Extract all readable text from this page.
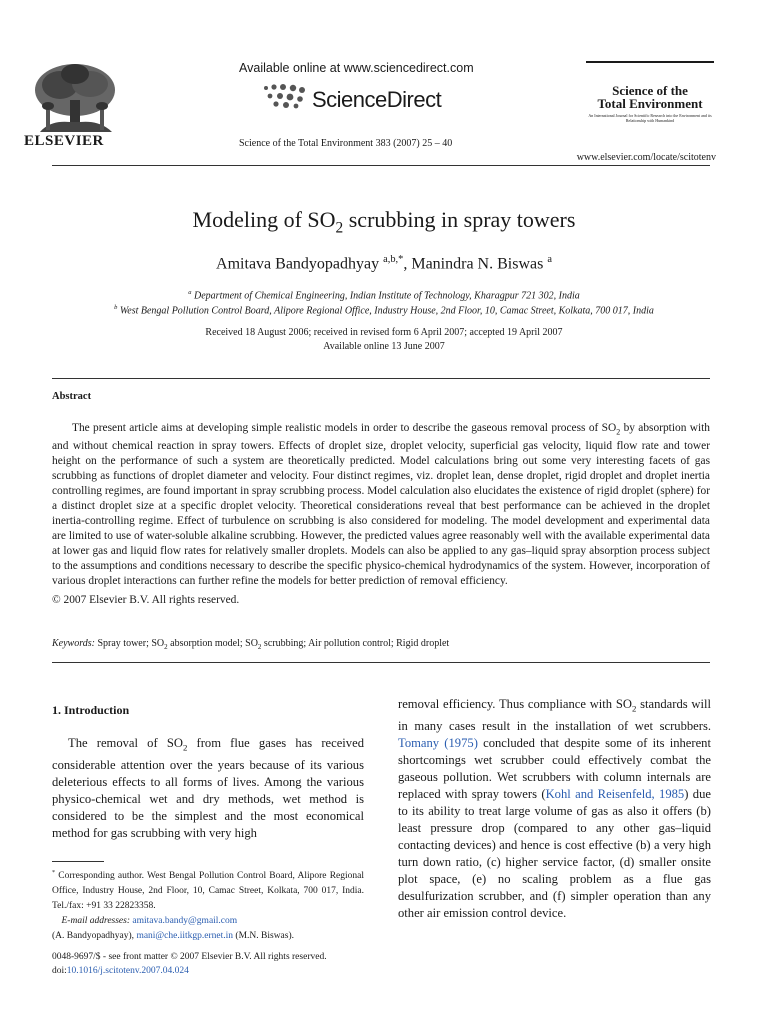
ELSEVIER
Available online at www.sciencedirect.com
ScienceDirect
Science of the Total Environment 383 (2007) 25 – 40
Science of the
Total Environment
An International Journal for Scientific Research into the Environment and its Relationship with Humankind
www.elsevier.com/locate/scitotenv
Modeling of $SO_2$ scrubbing in spray towers
Amitava Bandyopadhyay $^{a,b,*}$, Manindra N. Biswas $^a$
$^a$ Department of Chemical Engineering, Indian Institute of Technology, Kharagpur 721 302, India
$^b$ West Bengal Pollution Control Board, Alipore Regional Office, Industry House, 2nd Floor, 10, Camac Street, Kolkata, 700 017, India
Received 18 August 2006; received in revised form 6 April 2007; accepted 19 April 2007
Available online 13 June 2007
Abstract
The present article aims at developing simple realistic models in order to describe the gaseous removal process of $SO_2$ by absorption with and without chemical reaction in spray towers. Effects of droplet size, droplet velocity, superficial gas velocity, liquid flow rate and tower height on the performance of such a system are theoretically predicted. Model calculations bring out some very interesting facets of gas scrubbing as functions of droplet diameter and velocity. Four distinct regimes, viz. droplet lean, dense droplet, rigid droplet and droplet inertia controlling regimes, are found important in spray scrubbing process. Model calculation also elucidates the existence of rigid droplet (sphere) for a distinct droplet size at a specific droplet velocity. Theoretical considerations reveal that best performance can be achieved in the droplet inertia-controlling regime. Effect of turbulence on scrubbing is also considered for modeling. The model development and experimental data are limited to use of water-soluble alkaline scrubbing. However, the predicted values agree reasonably well with the available experimental data at lower gas and liquid flow rates for relatively smaller droplets. Models can also be applied to any gas–liquid spray absorption process subject to the assumptions and conditions necessary to describe the specific physico-chemical hydrodynamics of the system. However, incorporation of various droplet interactions can further refine the models for better prediction of removal efficiency.
© 2007 Elsevier B.V. All rights reserved.
Keywords: Spray tower; $SO_2$ absorption model; $SO_2$ scrubbing; Air pollution control; Rigid droplet
1. Introduction
The removal of $SO_2$ from flue gases has received considerable attention over the years because of its various deleterious effects to all forms of lives. Among the various physico-chemical wet and dry methods, wet method is considered to be the simplest and the most economical method for gas scrubbing with very high
removal efficiency. Thus compliance with $SO_2$ standards will in many cases result in the installation of wet scrubbers. Tomany (1975) concluded that despite some of its inherent shortcomings wet scrubber could effectively combat the gaseous pollution. Wet scrubbers with column internals are replaced with spray towers (Kohl and Reisenfeld, 1985) due to its ability to treat large volume of gas as also it offers (b) least pressure drop (compared to any other gas–liquid contacting devices) and hence is cost effective (b) a very high turn down ratio, (c) higher service factor, (d) smaller onsite plot space, (e) no scaling problem as a flue gas desulfurization scrubber, and (f) simpler operation than any other air emission control device.
* Corresponding author. West Bengal Pollution Control Board, Alipore Regional Office, Industry House, 2nd Floor, 10, Camac Street, Kolkata, 700 017, India. Tel./fax: +91 33 22823358.
E-mail addresses: amitava.bandy@gmail.com
(A. Bandyopadhyay), mani@che.iitkgp.ernet.in (M.N. Biswas).
0048-9697/$ - see front matter © 2007 Elsevier B.V. All rights reserved.
doi:10.1016/j.scitotenv.2007.04.024
